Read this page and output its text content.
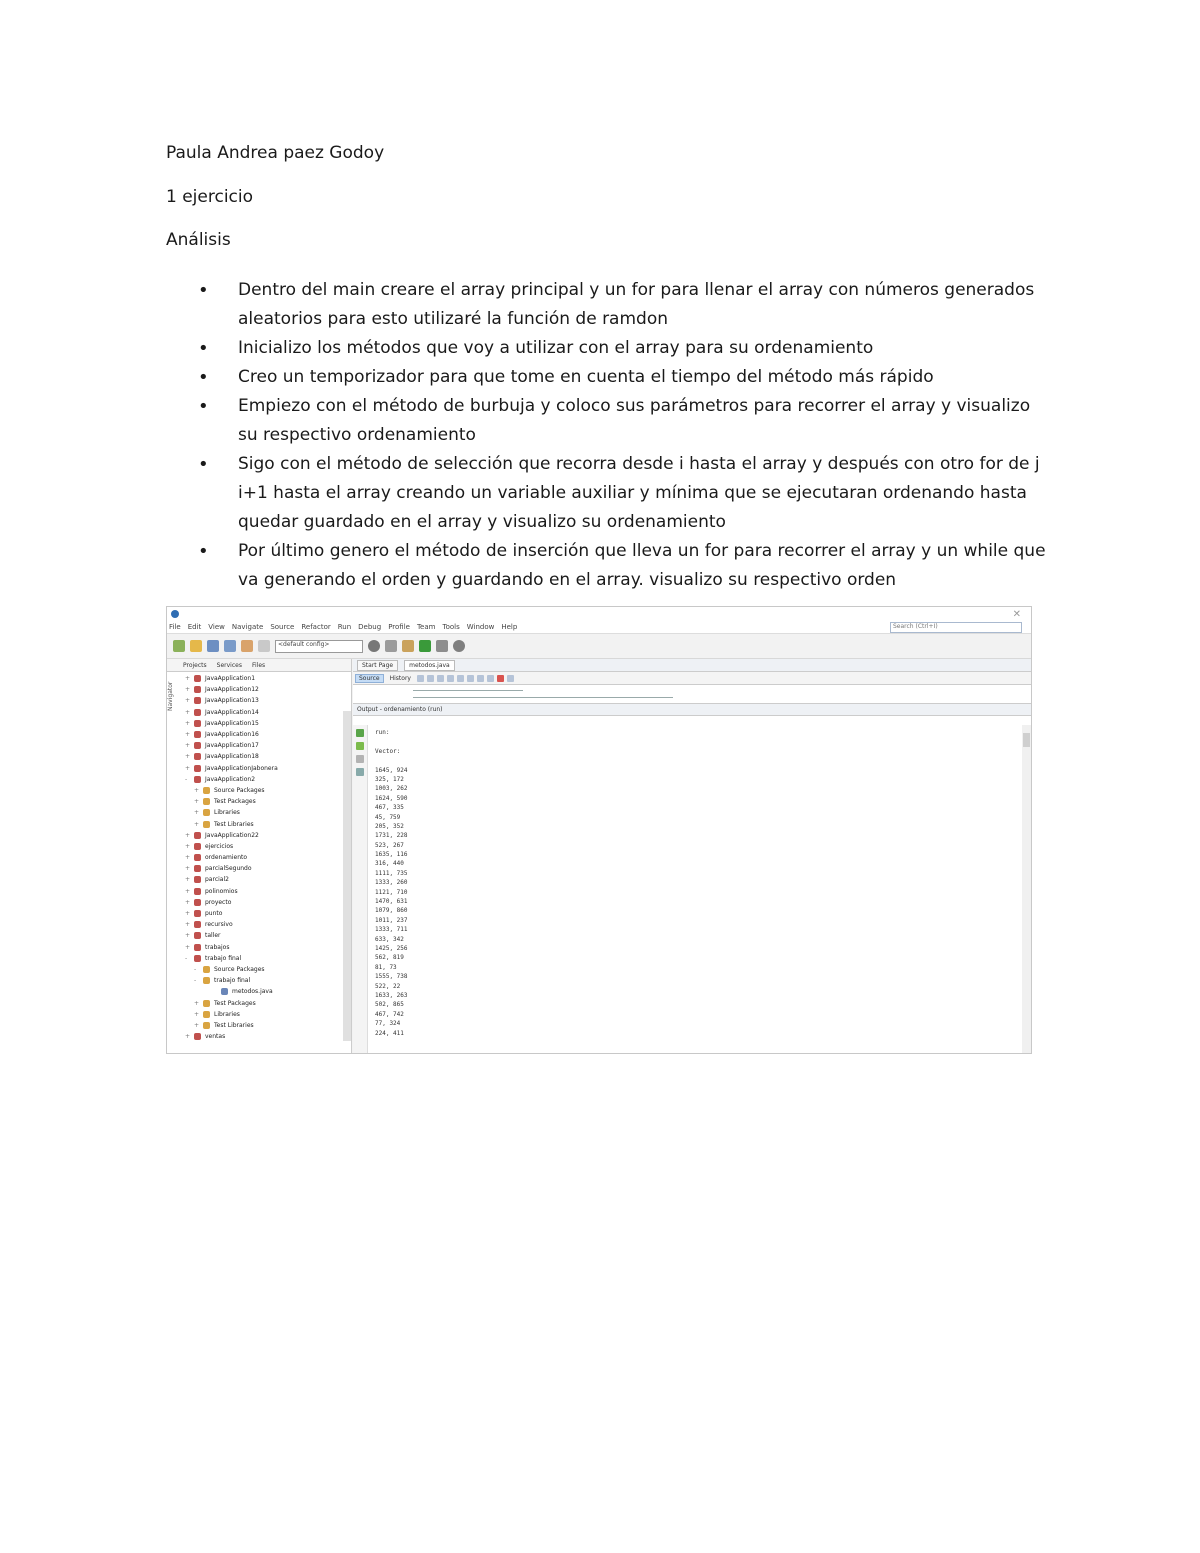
Paula Andrea paez Godoy
1 ejercicio
Análisis
• Dentro del main creare el array principal y un for para llenar el array con números generados aleatorios para esto utilizaré la función de ramdon
• Inicializo los métodos que voy a utilizar con el array para su ordenamiento
• Creo un temporizador para que tome en cuenta el tiempo del método más rápido
• Empiezo con el método de burbuja y coloco sus parámetros para recorrer el array y visualizo su respectivo ordenamiento
• Sigo con el método de selección que recorra desde i hasta el array y después con otro for de j i+1 hasta el array creando un variable auxiliar y mínima que se ejecutaran ordenando hasta quedar guardado en el array y visualizo su ordenamiento
• Por último genero el método de inserción que lleva un for para recorrer el array y un while que va generando el orden y guardando en el array. visualizo su respectivo orden
✕
File Edit View Navigate Source Refactor Run Debug Profile Team Tools Window Help	Search (Ctrl+I)
<default config>
Projects Services Files
Navigator
+ JavaApplication1
+ JavaApplication12
+ JavaApplication13
+ JavaApplication14
+ JavaApplication15
+ JavaApplication16
+ JavaApplication17
+ JavaApplication18
+ JavaApplicationJabonera
-	JavaApplication2
+ Source Packages
+ Test Packages
+ Libraries
+ Test Libraries
+ JavaApplication22
+ ejercicios
+ ordenamiento
+ parcialSegundo
+ parcial2
+ polinomios
+ proyecto
+ punto
+ recursivo
+ taller
+ trabajos
-	trabajo final
-	Source Packages
-	trabajo final
metodos.java
+ Test Packages
+ Libraries
+ Test Libraries
+ ventas
Start Page	metodos.java
Source	History
Output - ordenamiento (run)
run:
Vector:
1645, 924
325, 172
1003, 262
1624, 590
467, 335
45, 759
205, 352
1731, 228
523, 267
1635, 116
316, 440
1111, 735
1333, 260
1121, 710
1470, 631
1079, 860
1011, 237
1333, 711
633, 342
1425, 256
562, 819
81, 73
1555, 738
522, 22
1633, 263
502, 865
467, 742
77, 324
224, 411
